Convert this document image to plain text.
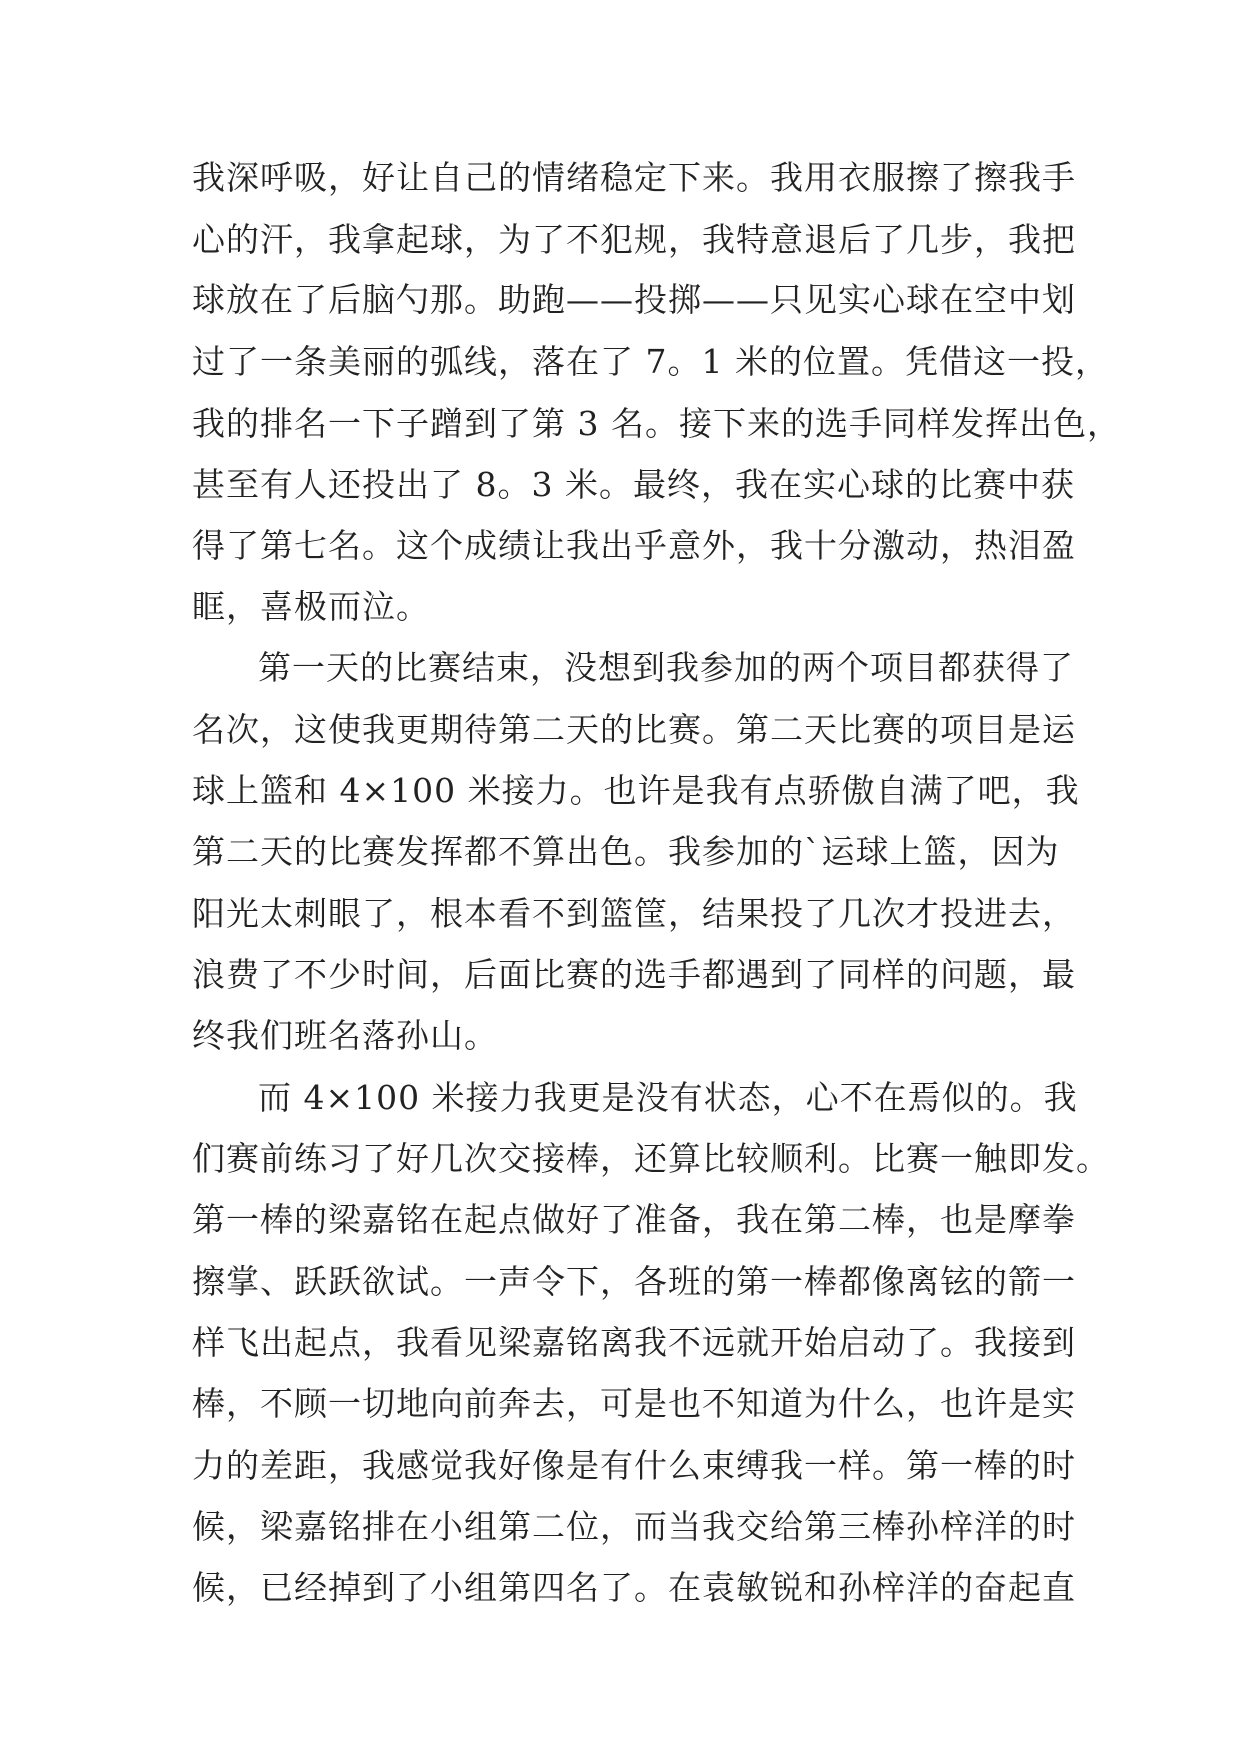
我深呼吸，好让自己的情绪稳定下来。我用衣服擦了擦我手
心的汗，我拿起球，为了不犯规，我特意退后了几步，我把
球放在了后脑勺那。助跑——投掷——只见实心球在空中划
过了一条美丽的弧线，落在了 7。1 米的位置。凭借这一投，
我的排名一下子蹭到了第 3 名。接下来的选手同样发挥出色，
甚至有人还投出了 8。3 米。最终，我在实心球的比赛中获
得了第七名。这个成绩让我出乎意外，我十分激动，热泪盈
眶，喜极而泣。
第一天的比赛结束，没想到我参加的两个项目都获得了
名次，这使我更期待第二天的比赛。第二天比赛的项目是运
球上篮和 4×100 米接力。也许是我有点骄傲自满了吧，我
第二天的比赛发挥都不算出色。我参加的`运球上篮，因为
阳光太刺眼了，根本看不到篮筐，结果投了几次才投进去，
浪费了不少时间，后面比赛的选手都遇到了同样的问题，最
终我们班名落孙山。
而 4×100 米接力我更是没有状态，心不在焉似的。我
们赛前练习了好几次交接棒，还算比较顺利。比赛一触即发。
第一棒的梁嘉铭在起点做好了准备，我在第二棒，也是摩拳
擦掌、跃跃欲试。一声令下，各班的第一棒都像离铉的箭一
样飞出起点，我看见梁嘉铭离我不远就开始启动了。我接到
棒，不顾一切地向前奔去，可是也不知道为什么，也许是实
力的差距，我感觉我好像是有什么束缚我一样。第一棒的时
候，梁嘉铭排在小组第二位，而当我交给第三棒孙梓洋的时
候，已经掉到了小组第四名了。在袁敏锐和孙梓洋的奋起直
